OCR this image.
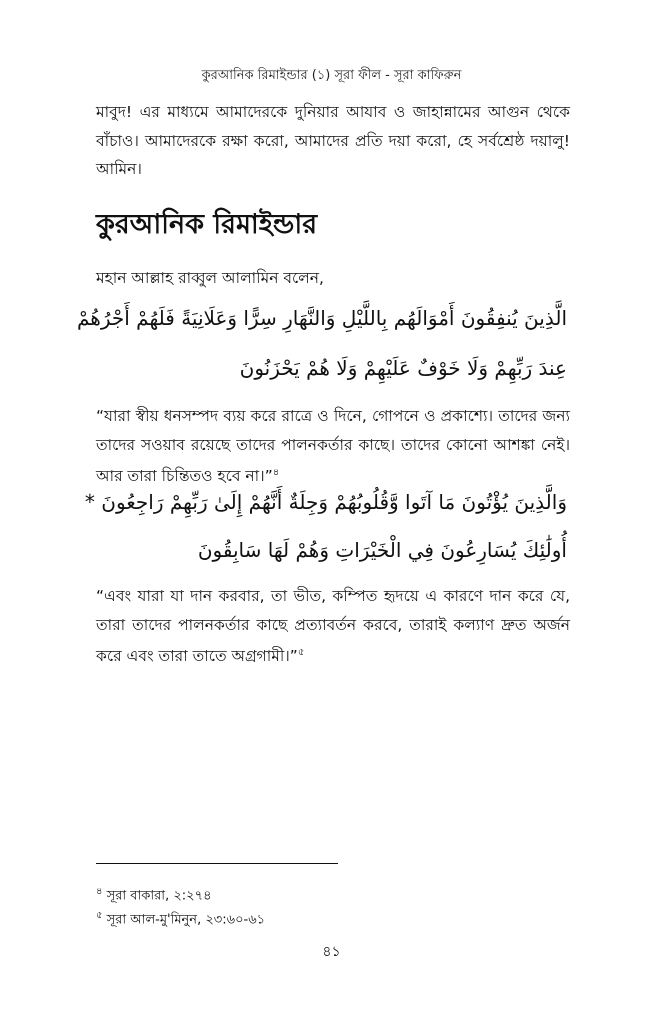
কুরআনিক রিমাইন্ডার (১) সূরা ফীল - সূরা কাফিরুন
মাবুদ! এর মাধ্যমে আমাদেরকে দুনিয়ার আযাব ও জাহান্নামের আগুন থেকে বাঁচাও। আমাদেরকে রক্ষা করো, আমাদের প্রতি দয়া করো, হে সর্বশ্রেষ্ঠ দয়ালু! আমিন।
কুরআনিক রিমাইন্ডার
মহান আল্লাহ রাব্বুল আলামিন বলেন,
الَّذِينَ يُنفِقُونَ أَمْوَالَهُم بِاللَّيْلِ وَالنَّهَارِ سِرًّا وَعَلَانِيَةً فَلَهُمْ أَجْرُهُمْ
عِندَ رَبِّهِمْ وَلَا خَوْفٌ عَلَيْهِمْ وَلَا هُمْ يَحْزَنُونَ
“যারা স্বীয় ধনসম্পদ ব্যয় করে রাত্রে ও দিনে, গোপনে ও প্রকাশ্যে। তাদের জন্য তাদের সওয়াব রয়েছে তাদের পালনকর্তার কাছে। তাদের কোনো আশঙ্কা নেই। আর তারা চিন্তিতও হবে না।”$^৪$
وَالَّذِينَ يُؤْتُونَ مَا آتَوا وَّقُلُوبُهُمْ وَجِلَةٌ أَنَّهُمْ إِلَىٰ رَبِّهِمْ رَاجِعُونَ *
أُولَٰئِكَ يُسَارِعُونَ فِي الْخَيْرَاتِ وَهُمْ لَهَا سَابِقُونَ
“এবং যারা যা দান করবার, তা ভীত, কম্পিত হৃদয়ে এ কারণে দান করে যে, তারা তাদের পালনকর্তার কাছে প্রত্যাবর্তন করবে, তারাই কল্যাণ দ্রুত অর্জন করে এবং তারা তাতে অগ্রগামী।”$^৫$
$^৪$ সূরা বাকারা, ২:২৭৪
$^৫$ সূরা আল-মু'মিনুন, ২৩:৬০-৬১
৪১
